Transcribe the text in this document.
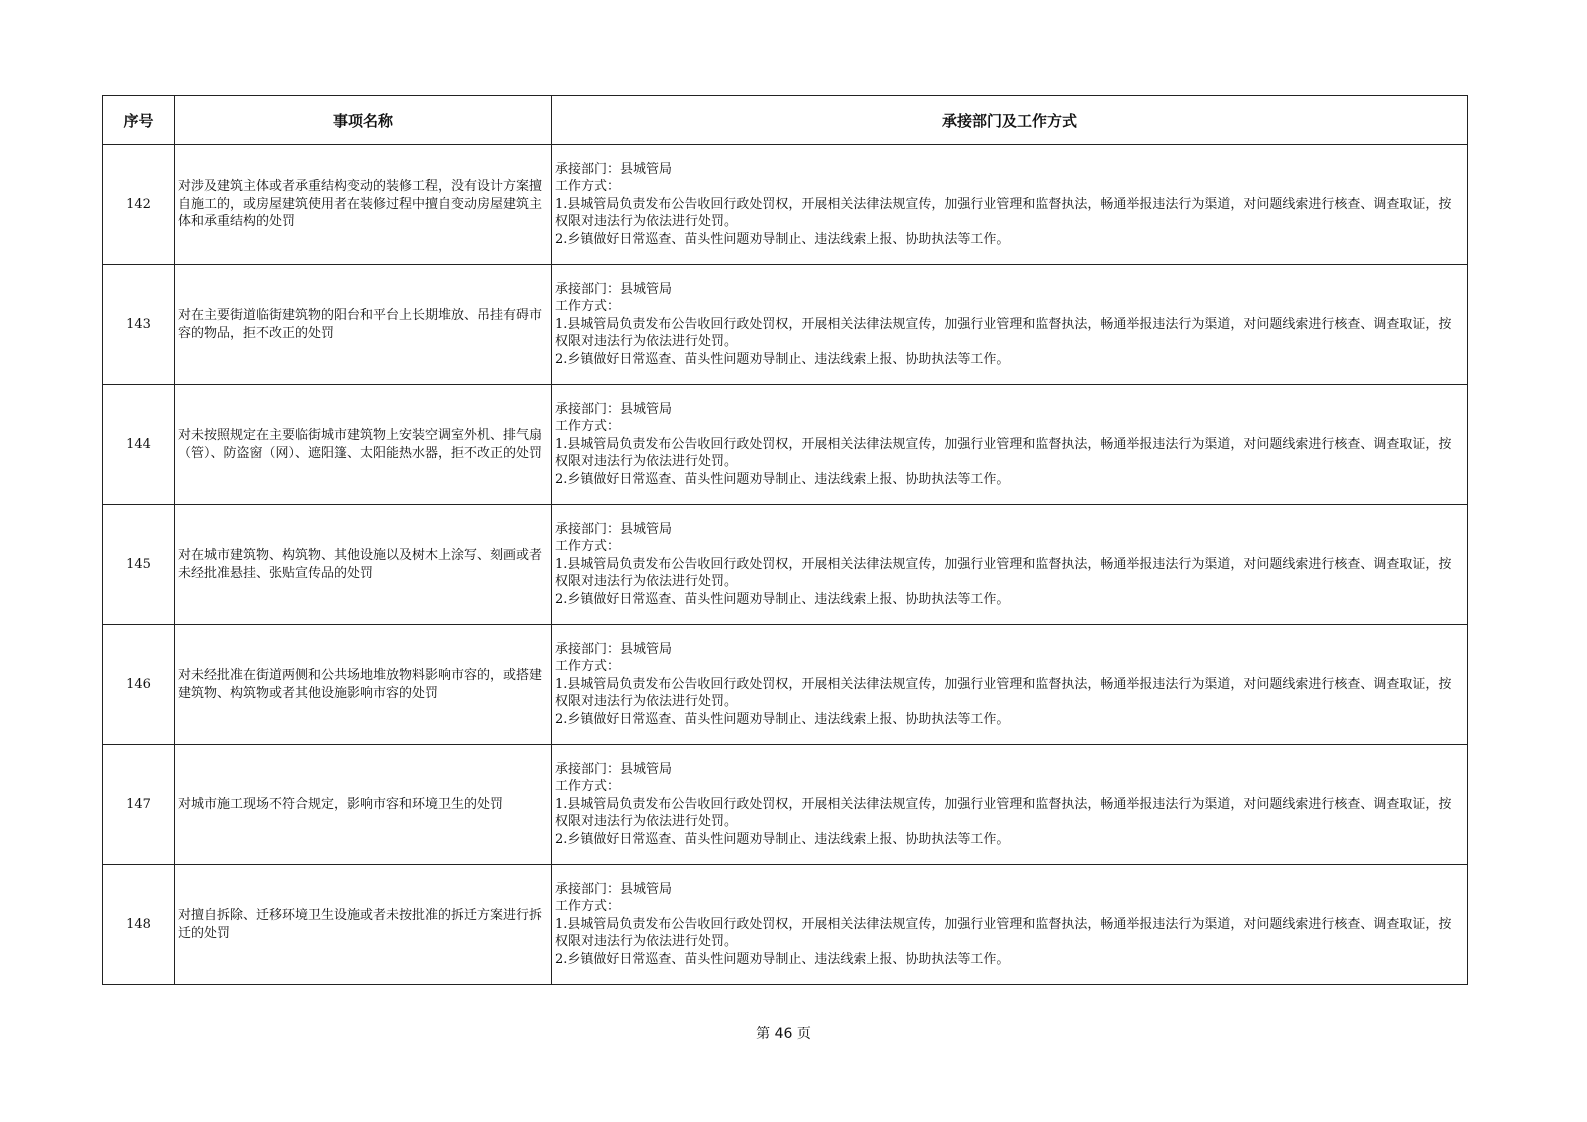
序号	事项名称	承接部门及工作方式
142	对涉及建筑主体或者承重结构变动的装修工程，没有设计方案擅自施工的，或房屋建筑使用者在装修过程中擅自变动房屋建筑主体和承重结构的处罚	承接部门：县城管局
工作方式：
1.县城管局负责发布公告收回行政处罚权，开展相关法律法规宣传，加强行业管理和监督执法，畅通举报违法行为渠道，对问题线索进行核查、调查取证，按权限对违法行为依法进行处罚。
2.乡镇做好日常巡查、苗头性问题劝导制止、违法线索上报、协助执法等工作。

143	对在主要街道临街建筑物的阳台和平台上长期堆放、吊挂有碍市容的物品，拒不改正的处罚	承接部门：县城管局
工作方式：
1.县城管局负责发布公告收回行政处罚权，开展相关法律法规宣传，加强行业管理和监督执法，畅通举报违法行为渠道，对问题线索进行核查、调查取证，按权限对违法行为依法进行处罚。
2.乡镇做好日常巡查、苗头性问题劝导制止、违法线索上报、协助执法等工作。

144	对未按照规定在主要临街城市建筑物上安装空调室外机、排气扇（管）、防盗窗（网）、遮阳篷、太阳能热水器，拒不改正的处罚	承接部门：县城管局
工作方式：
1.县城管局负责发布公告收回行政处罚权，开展相关法律法规宣传，加强行业管理和监督执法，畅通举报违法行为渠道，对问题线索进行核查、调查取证，按权限对违法行为依法进行处罚。
2.乡镇做好日常巡查、苗头性问题劝导制止、违法线索上报、协助执法等工作。

145	对在城市建筑物、构筑物、其他设施以及树木上涂写、刻画或者未经批准悬挂、张贴宣传品的处罚	承接部门：县城管局
工作方式：
1.县城管局负责发布公告收回行政处罚权，开展相关法律法规宣传，加强行业管理和监督执法，畅通举报违法行为渠道，对问题线索进行核查、调查取证，按权限对违法行为依法进行处罚。
2.乡镇做好日常巡查、苗头性问题劝导制止、违法线索上报、协助执法等工作。

146	对未经批准在街道两侧和公共场地堆放物料影响市容的，或搭建建筑物、构筑物或者其他设施影响市容的处罚	承接部门：县城管局
工作方式：
1.县城管局负责发布公告收回行政处罚权，开展相关法律法规宣传，加强行业管理和监督执法，畅通举报违法行为渠道，对问题线索进行核查、调查取证，按权限对违法行为依法进行处罚。
2.乡镇做好日常巡查、苗头性问题劝导制止、违法线索上报、协助执法等工作。

147	对城市施工现场不符合规定，影响市容和环境卫生的处罚	承接部门：县城管局
工作方式：
1.县城管局负责发布公告收回行政处罚权，开展相关法律法规宣传，加强行业管理和监督执法，畅通举报违法行为渠道，对问题线索进行核查、调查取证，按权限对违法行为依法进行处罚。
2.乡镇做好日常巡查、苗头性问题劝导制止、违法线索上报、协助执法等工作。

148	对擅自拆除、迁移环境卫生设施或者未按批准的拆迁方案进行拆迁的处罚	承接部门：县城管局
工作方式：
1.县城管局负责发布公告收回行政处罚权，开展相关法律法规宣传，加强行业管理和监督执法，畅通举报违法行为渠道，对问题线索进行核查、调查取证，按权限对违法行为依法进行处罚。
2.乡镇做好日常巡查、苗头性问题劝导制止、违法线索上报、协助执法等工作。
第 46 页
